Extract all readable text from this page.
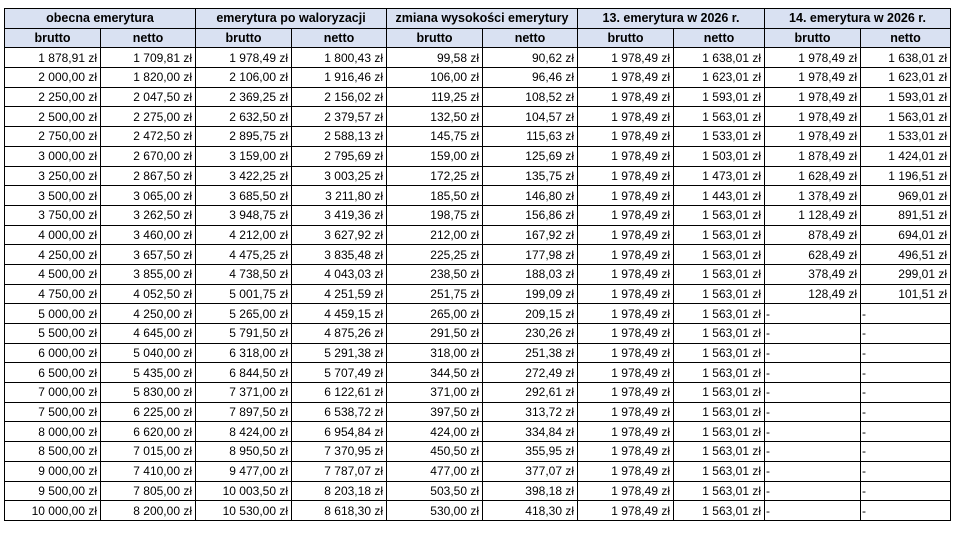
obecna emerytura		emerytura po waloryzacji		zmiana wysokości emerytury		13. emerytura w 2026 r.		14. emerytura w 2026 r.	
brutto	netto	brutto	netto	brutto	netto	brutto	netto	brutto	netto
1 878,91 zł	1 709,81 zł	1 978,49 zł	1 800,43 zł	99,58 zł	90,62 zł	1 978,49 zł	1 638,01 zł	1 978,49 zł	1 638,01 zł
2 000,00 zł	1 820,00 zł	2 106,00 zł	1 916,46 zł	106,00 zł	96,46 zł	1 978,49 zł	1 623,01 zł	1 978,49 zł	1 623,01 zł
2 250,00 zł	2 047,50 zł	2 369,25 zł	2 156,02 zł	119,25 zł	108,52 zł	1 978,49 zł	1 593,01 zł	1 978,49 zł	1 593,01 zł
2 500,00 zł	2 275,00 zł	2 632,50 zł	2 379,57 zł	132,50 zł	104,57 zł	1 978,49 zł	1 563,01 zł	1 978,49 zł	1 563,01 zł
2 750,00 zł	2 472,50 zł	2 895,75 zł	2 588,13 zł	145,75 zł	115,63 zł	1 978,49 zł	1 533,01 zł	1 978,49 zł	1 533,01 zł
3 000,00 zł	2 670,00 zł	3 159,00 zł	2 795,69 zł	159,00 zł	125,69 zł	1 978,49 zł	1 503,01 zł	1 878,49 zł	1 424,01 zł
3 250,00 zł	2 867,50 zł	3 422,25 zł	3 003,25 zł	172,25 zł	135,75 zł	1 978,49 zł	1 473,01 zł	1 628,49 zł	1 196,51 zł
3 500,00 zł	3 065,00 zł	3 685,50 zł	3 211,80 zł	185,50 zł	146,80 zł	1 978,49 zł	1 443,01 zł	1 378,49 zł	969,01 zł
3 750,00 zł	3 262,50 zł	3 948,75 zł	3 419,36 zł	198,75 zł	156,86 zł	1 978,49 zł	1 563,01 zł	1 128,49 zł	891,51 zł
4 000,00 zł	3 460,00 zł	4 212,00 zł	3 627,92 zł	212,00 zł	167,92 zł	1 978,49 zł	1 563,01 zł	878,49 zł	694,01 zł
4 250,00 zł	3 657,50 zł	4 475,25 zł	3 835,48 zł	225,25 zł	177,98 zł	1 978,49 zł	1 563,01 zł	628,49 zł	496,51 zł
4 500,00 zł	3 855,00 zł	4 738,50 zł	4 043,03 zł	238,50 zł	188,03 zł	1 978,49 zł	1 563,01 zł	378,49 zł	299,01 zł
4 750,00 zł	4 052,50 zł	5 001,75 zł	4 251,59 zł	251,75 zł	199,09 zł	1 978,49 zł	1 563,01 zł	128,49 zł	101,51 zł
5 000,00 zł	4 250,00 zł	5 265,00 zł	4 459,15 zł	265,00 zł	209,15 zł	1 978,49 zł	1 563,01 zł	-	-
5 500,00 zł	4 645,00 zł	5 791,50 zł	4 875,26 zł	291,50 zł	230,26 zł	1 978,49 zł	1 563,01 zł	-	-
6 000,00 zł	5 040,00 zł	6 318,00 zł	5 291,38 zł	318,00 zł	251,38 zł	1 978,49 zł	1 563,01 zł	-	-
6 500,00 zł	5 435,00 zł	6 844,50 zł	5 707,49 zł	344,50 zł	272,49 zł	1 978,49 zł	1 563,01 zł	-	-
7 000,00 zł	5 830,00 zł	7 371,00 zł	6 122,61 zł	371,00 zł	292,61 zł	1 978,49 zł	1 563,01 zł	-	-
7 500,00 zł	6 225,00 zł	7 897,50 zł	6 538,72 zł	397,50 zł	313,72 zł	1 978,49 zł	1 563,01 zł	-	-
8 000,00 zł	6 620,00 zł	8 424,00 zł	6 954,84 zł	424,00 zł	334,84 zł	1 978,49 zł	1 563,01 zł	-	-
8 500,00 zł	7 015,00 zł	8 950,50 zł	7 370,95 zł	450,50 zł	355,95 zł	1 978,49 zł	1 563,01 zł	-	-
9 000,00 zł	7 410,00 zł	9 477,00 zł	7 787,07 zł	477,00 zł	377,07 zł	1 978,49 zł	1 563,01 zł	-	-
9 500,00 zł	7 805,00 zł	10 003,50 zł	8 203,18 zł	503,50 zł	398,18 zł	1 978,49 zł	1 563,01 zł	-	-
10 000,00 zł	8 200,00 zł	10 530,00 zł	8 618,30 zł	530,00 zł	418,30 zł	1 978,49 zł	1 563,01 zł	-	-
